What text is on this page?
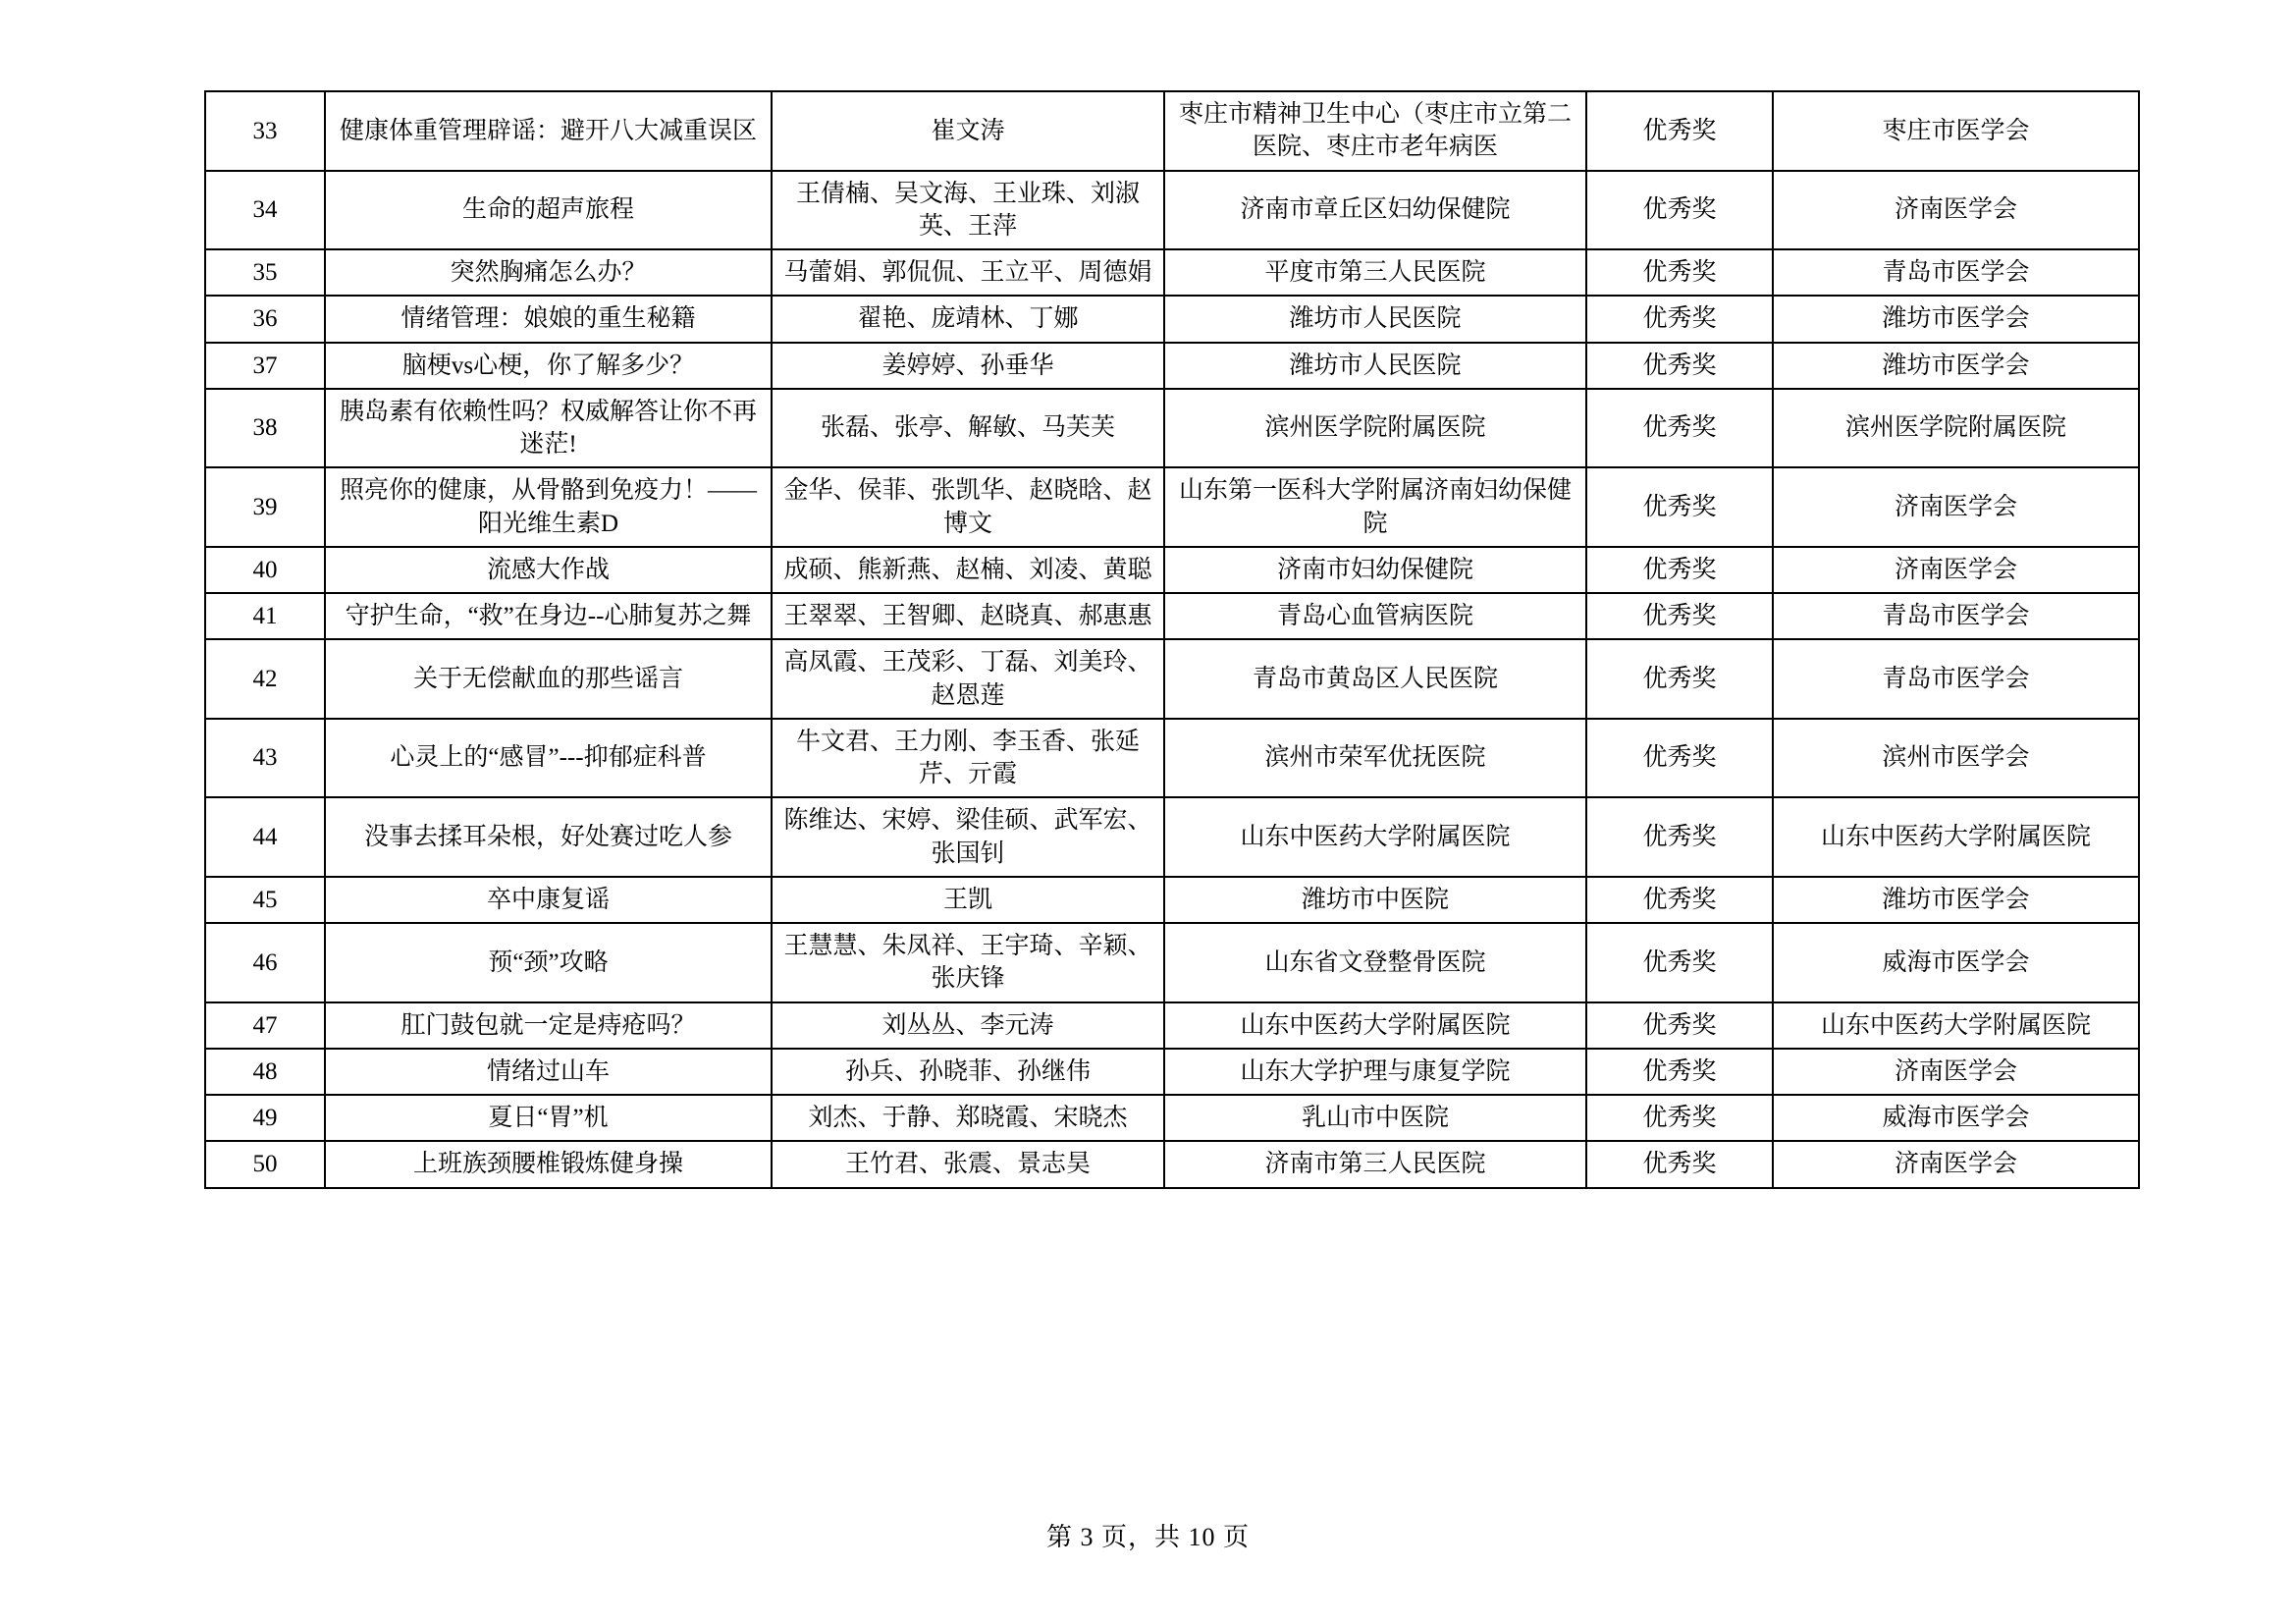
33	健康体重管理辟谣：避开八大减重误区	崔文涛	枣庄市精神卫生中心（枣庄市立第二医院、枣庄市老年病医	优秀奖	枣庄市医学会
34	生命的超声旅程	王倩楠、吴文海、王业珠、刘淑英、王萍	济南市章丘区妇幼保健院	优秀奖	济南医学会
35	突然胸痛怎么办？	马蕾娟、郭侃侃、王立平、周德娟	平度市第三人民医院	优秀奖	青岛市医学会
36	情绪管理：娘娘的重生秘籍	翟艳、庞靖林、丁娜	潍坊市人民医院	优秀奖	潍坊市医学会
37	脑梗vs心梗，你了解多少？	姜婷婷、孙垂华	潍坊市人民医院	优秀奖	潍坊市医学会
38	胰岛素有依赖性吗？权威解答让你不再迷茫!	张磊、张亭、解敏、马芙芙	滨州医学院附属医院	优秀奖	滨州医学院附属医院
39	照亮你的健康，从骨骼到免疫力！——阳光维生素D	金华、侯菲、张凯华、赵晓晗、赵博文	山东第一医科大学附属济南妇幼保健院	优秀奖	济南医学会
40	流感大作战	成硕、熊新燕、赵楠、刘凌、黄聪	济南市妇幼保健院	优秀奖	济南医学会
41	守护生命，“救”在身边--心肺复苏之舞	王翠翠、王智卿、赵晓真、郝惠惠	青岛心血管病医院	优秀奖	青岛市医学会
42	关于无偿献血的那些谣言	高凤霞、王茂彩、丁磊、刘美玲、赵恩莲	青岛市黄岛区人民医院	优秀奖	青岛市医学会
43	心灵上的“感冒”---抑郁症科普	牛文君、王力刚、李玉香、张延芹、亓霞	滨州市荣军优抚医院	优秀奖	滨州市医学会
44	没事去揉耳朵根，好处赛过吃人参	陈维达、宋婷、梁佳硕、武军宏、张国钊	山东中医药大学附属医院	优秀奖	山东中医药大学附属医院
45	卒中康复谣	王凯	潍坊市中医院	优秀奖	潍坊市医学会
46	预“颈”攻略	王慧慧、朱凤祥、王宇琦、辛颖、张庆锋	山东省文登整骨医院	优秀奖	威海市医学会
47	肛门鼓包就一定是痔疮吗？	刘丛丛、李元涛	山东中医药大学附属医院	优秀奖	山东中医药大学附属医院
48	情绪过山车	孙兵、孙晓菲、孙继伟	山东大学护理与康复学院	优秀奖	济南医学会
49	夏日“胃”机	刘杰、于静、郑晓霞、宋晓杰	乳山市中医院	优秀奖	威海市医学会
50	上班族颈腰椎锻炼健身操	王竹君、张震、景志昊	济南市第三人民医院	优秀奖	济南医学会
第 3 页，共 10 页
